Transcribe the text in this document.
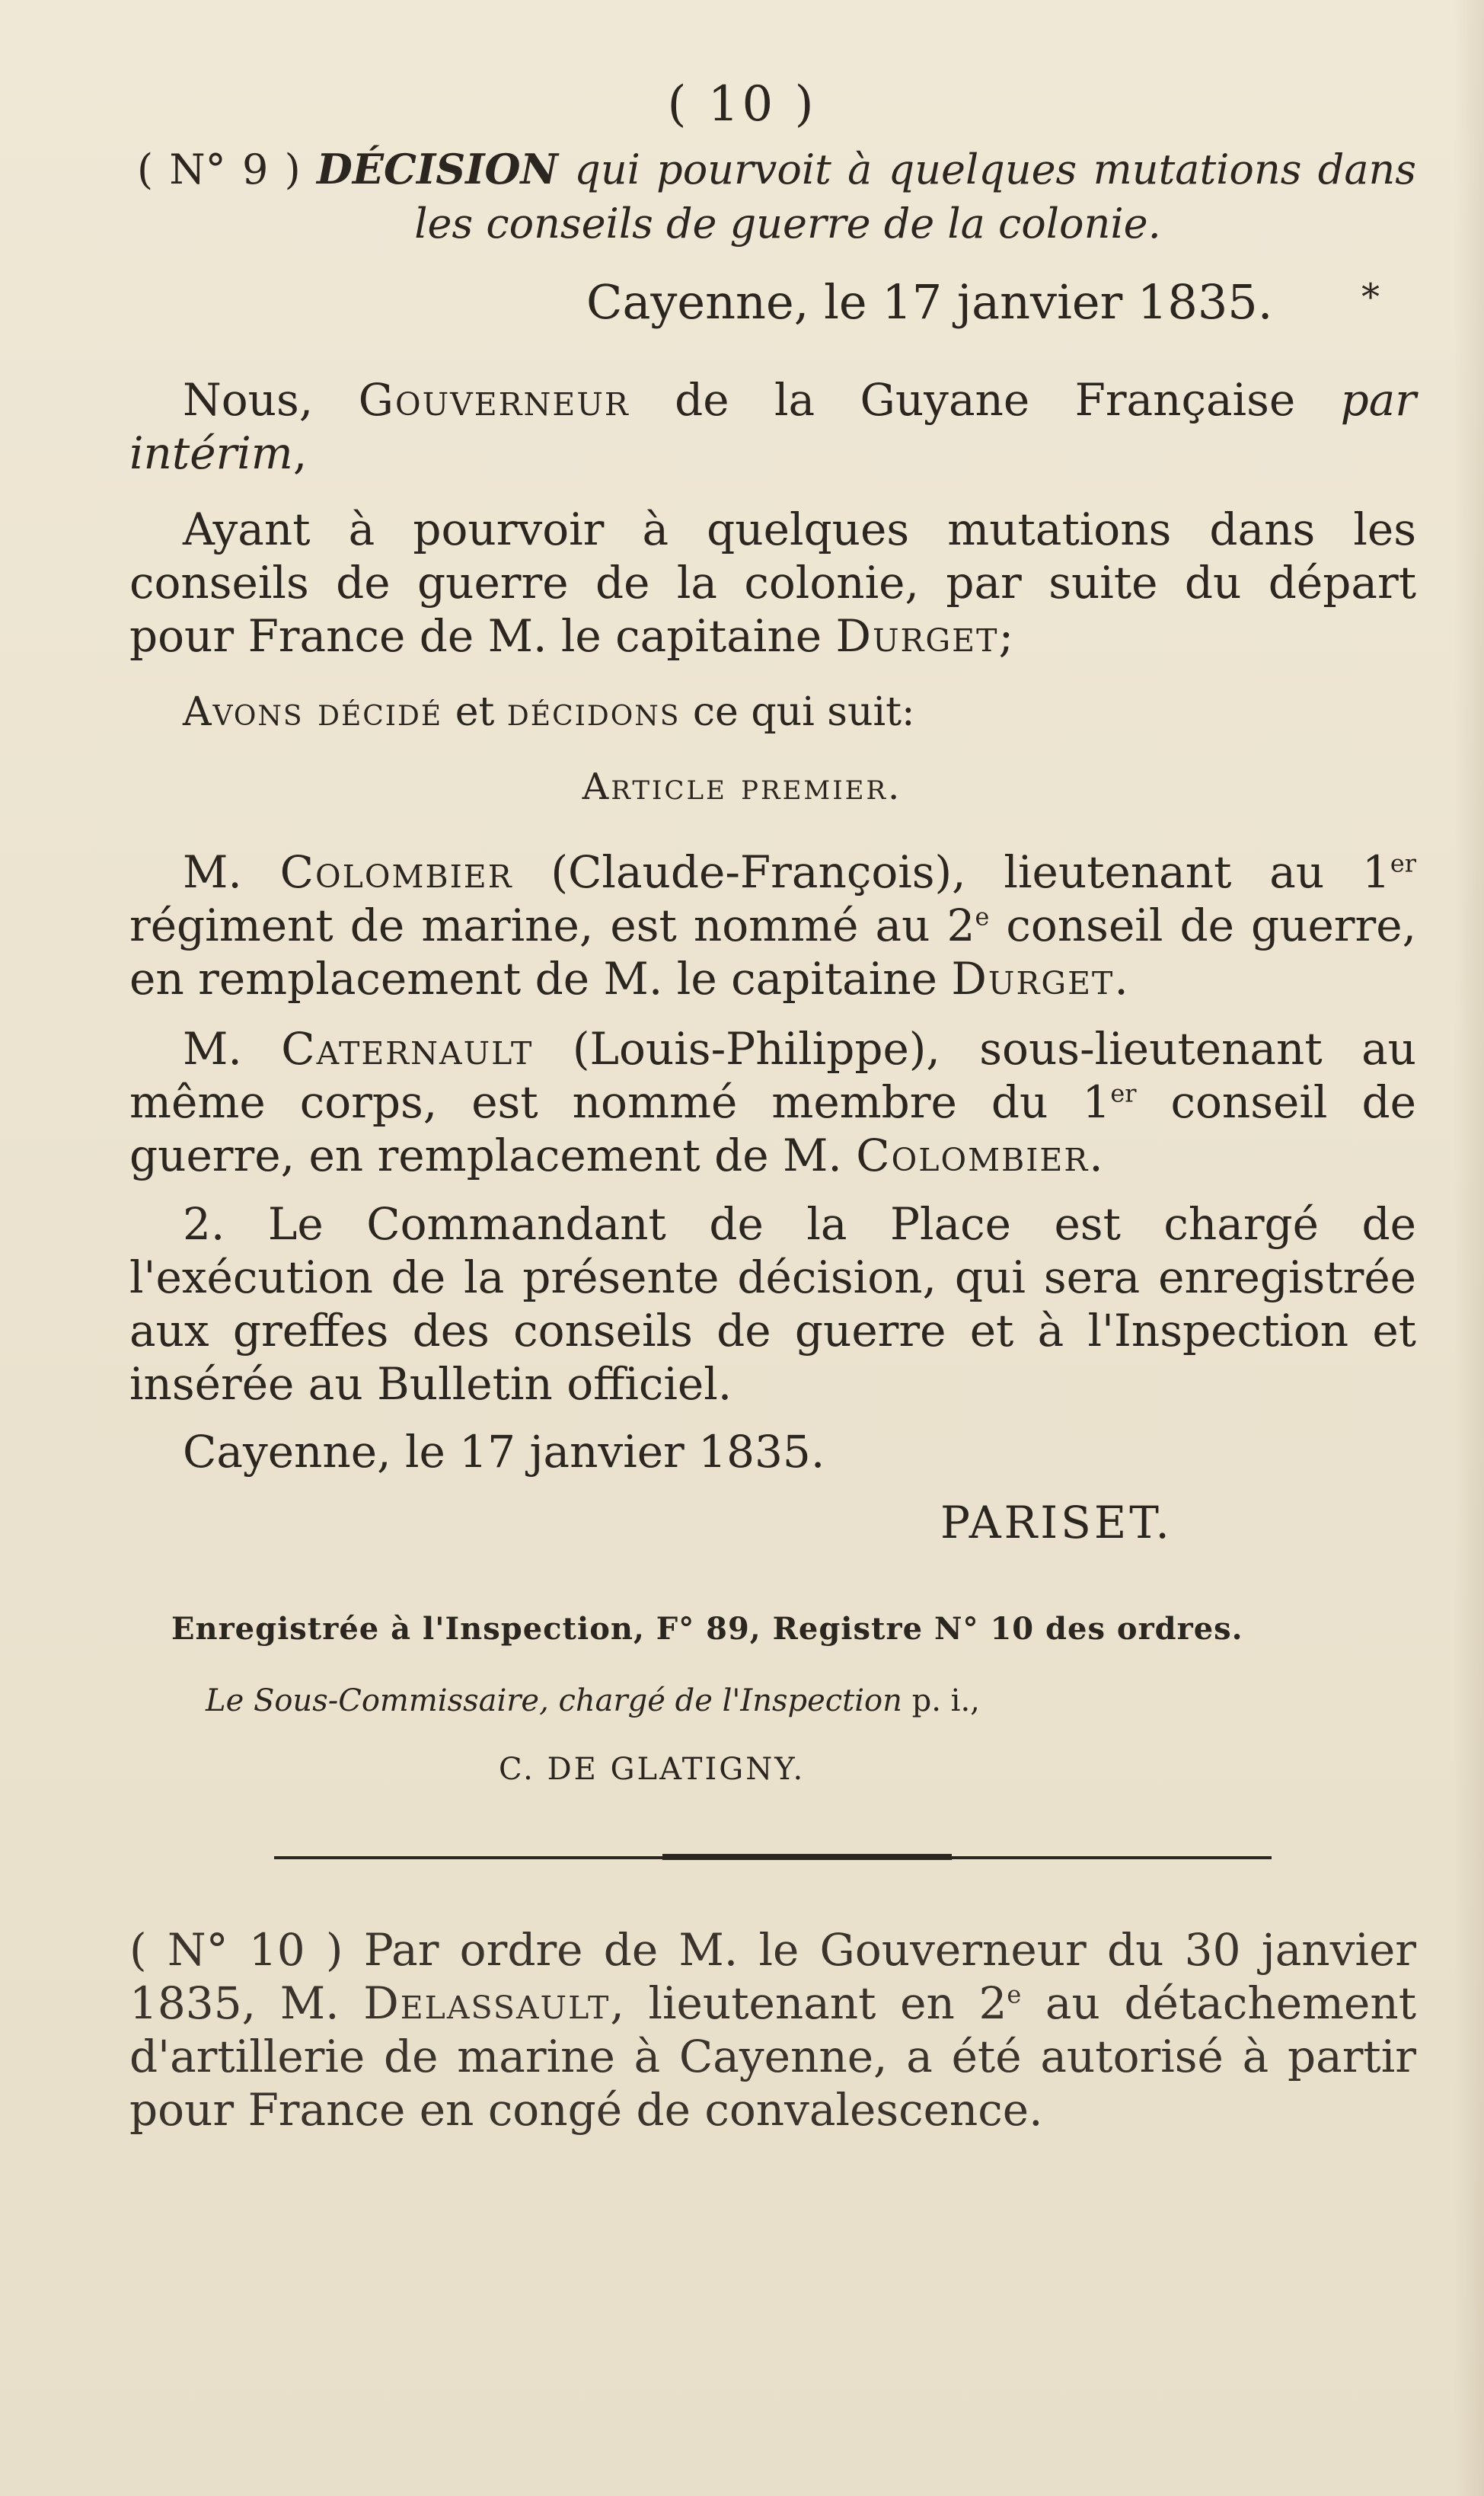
( 10 )
( N° 9 ) DÉCISION qui pourvoit à quelques mutations dans
les conseils de guerre de la colonie.
Cayenne, le 17 janvier 1835. *
Nous, Gouverneur de la Guyane Française par intérim,
Ayant à pourvoir à quelques mutations dans les conseils de guerre de la colonie, par suite du départ pour France de M. le capitaine Durget;
Avons décidé et décidons ce qui suit:
Article premier.
M. Colombier (Claude-François), lieutenant au 1er régiment de marine, est nommé au 2e conseil de guerre, en remplacement de M. le capitaine Durget.
M. Caternault (Louis-Philippe), sous-lieutenant au même corps, est nommé membre du 1er conseil de guerre, en remplacement de M. Colombier.
2. Le Commandant de la Place est chargé de l'exécution de la présente décision, qui sera enregistrée aux greffes des conseils de guerre et à l'Inspection et insérée au Bulletin officiel.
Cayenne, le 17 janvier 1835.
PARISET.
Enregistrée à l'Inspection, F° 89, Registre N° 10 des ordres.
Le Sous-Commissaire, chargé de l'Inspection p. i.,
C. DE GLATIGNY.
( N° 10 ) Par ordre de M. le Gouverneur du 30 janvier 1835, M. Delassault, lieutenant en 2e au détachement d'artillerie de marine à Cayenne, a été autorisé à partir pour France en congé de convalescence.
